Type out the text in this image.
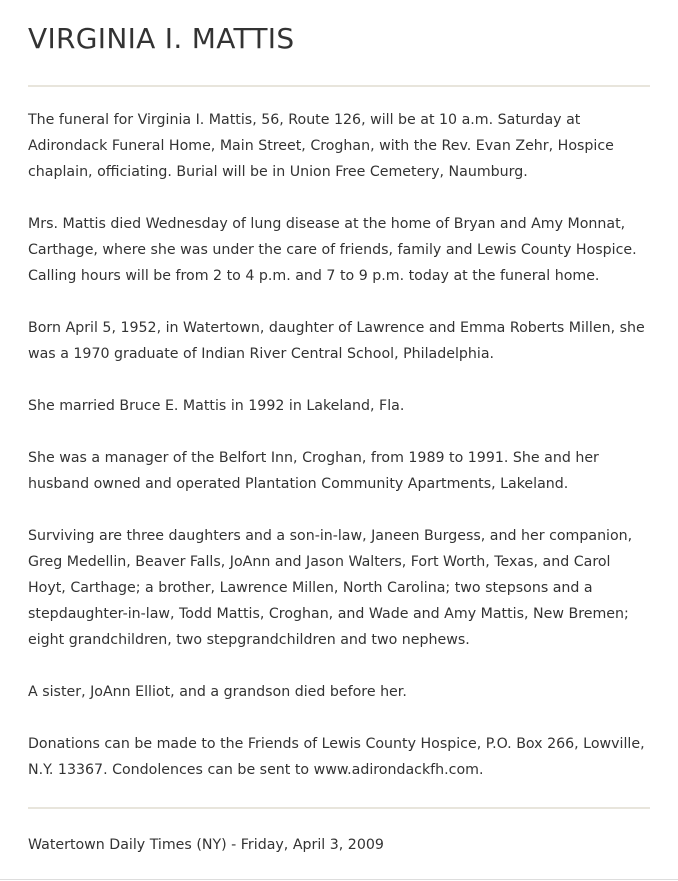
VIRGINIA I. MATTIS

The funeral for Virginia I. Mattis, 56, Route 126, will be at 10 a.m. Saturday at Adirondack Funeral Home, Main Street, Croghan, with the Rev. Evan Zehr, Hospice chaplain, officiating. Burial will be in Union Free Cemetery, Naumburg.

Mrs. Mattis died Wednesday of lung disease at the home of Bryan and Amy Monnat, Carthage, where she was under the care of friends, family and Lewis County Hospice. Calling hours will be from 2 to 4 p.m. and 7 to 9 p.m. today at the funeral home.

Born April 5, 1952, in Watertown, daughter of Lawrence and Emma Roberts Millen, she was a 1970 graduate of Indian River Central School, Philadelphia.

She married Bruce E. Mattis in 1992 in Lakeland, Fla.

She was a manager of the Belfort Inn, Croghan, from 1989 to 1991. She and her husband owned and operated Plantation Community Apartments, Lakeland.

Surviving are three daughters and a son-in-law, Janeen Burgess, and her companion, Greg Medellin, Beaver Falls, JoAnn and Jason Walters, Fort Worth, Texas, and Carol Hoyt, Carthage; a brother, Lawrence Millen, North Carolina; two stepsons and a stepdaughter-in-law, Todd Mattis, Croghan, and Wade and Amy Mattis, New Bremen; eight grandchildren, two stepgrandchildren and two nephews.

A sister, JoAnn Elliot, and a grandson died before her.

Donations can be made to the Friends of Lewis County Hospice, P.O. Box 266, Lowville, N.Y. 13367. Condolences can be sent to www.adirondackfh.com.

Watertown Daily Times (NY) - Friday, April 3, 2009
